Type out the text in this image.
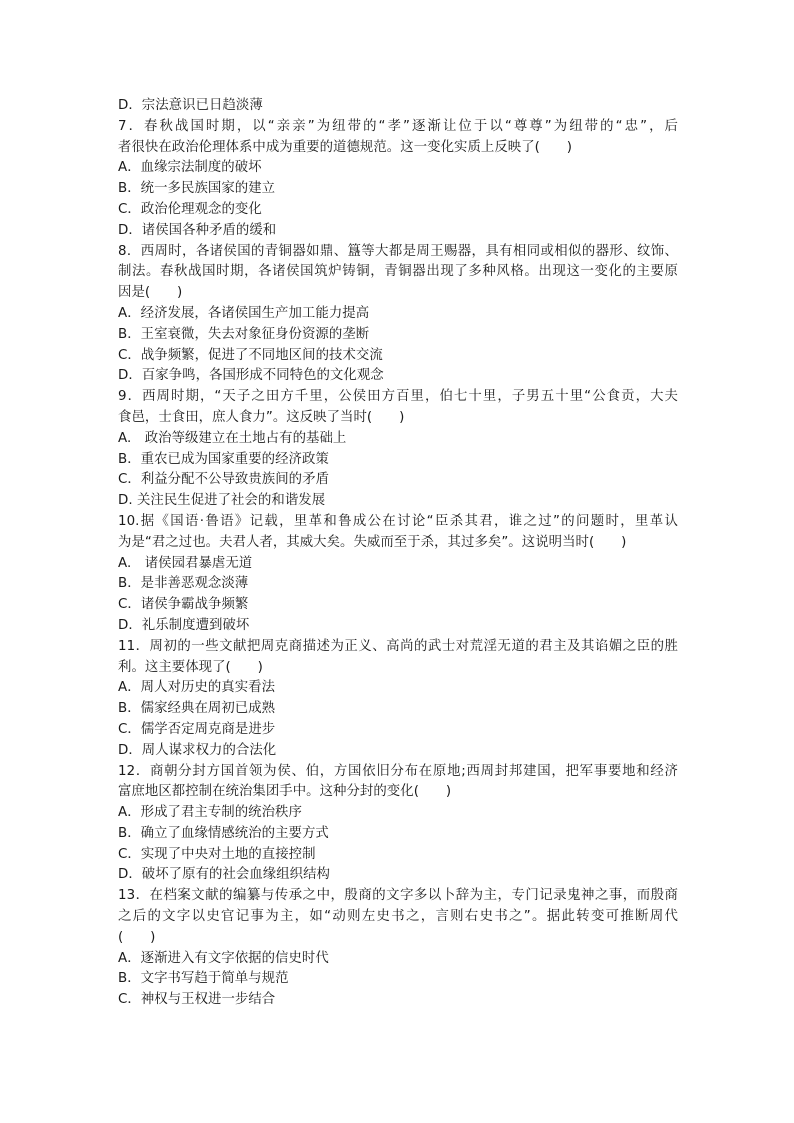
D．宗法意识已日趋淡薄
7．春秋战国时期，以“亲亲”为纽带的“孝”逐渐让位于以“尊尊”为纽带的“忠”，后
者很快在政治伦理体系中成为重要的道德规范。这一变化实质上反映了(　　)
A．血缘宗法制度的破坏
B．统一多民族国家的建立
C．政治伦理观念的变化
D．诸侯国各种矛盾的缓和
8．西周时，各诸侯国的青铜器如鼎、簋等大都是周王赐器，具有相同或相似的器形、纹饰、
制法。春秋战国时期，各诸侯国筑炉铸铜，青铜器出现了多种风格。出现这一变化的主要原
因是(　　)
A．经济发展，各诸侯国生产加工能力提高
B．王室衰微，失去对象征身份资源的垄断
C．战争频繁，促进了不同地区间的技术交流
D．百家争鸣，各国形成不同特色的文化观念
9．西周时期，“天子之田方千里，公侯田方百里，伯七十里，子男五十里“公食贡，大夫
食邑，士食田，庶人食力”。这反映了当时(　　)
A.　政治等级建立在土地占有的基础上
B．重农已成为国家重要的经济政策
C．利益分配不公导致贵族间的矛盾
D. 关注民生促进了社会的和谐发展
10.据《国语·鲁语》记载，里革和鲁成公在讨论“臣杀其君，谁之过”的问题时，里革认
为是“君之过也。夫君人者，其威大矣。失威而至于杀，其过多矣”。这说明当时(　　)
A.　诸侯园君暴虐无道
B．是非善恶观念淡薄
C．诸侯争霸战争频繁
D．礼乐制度遭到破坏
11．周初的一些文献把周克商描述为正义、高尚的武士对荒淫无道的君主及其谄媚之臣的胜
利。这主要体现了(　　)
A．周人对历史的真实看法
B．儒家经典在周初已成熟
C．儒学否定周克商是进步
D．周人谋求权力的合法化
12．商朝分封方国首领为侯、伯，方国依旧分布在原地;西周封邦建国，把军事要地和经济
富庶地区都控制在统治集团手中。这种分封的变化(　　)
A．形成了君主专制的统治秩序
B．确立了血缘情感统治的主要方式
C．实现了中央对土地的直接控制
D．破坏了原有的社会血缘组织结构
13．在档案文献的编纂与传承之中，殷商的文字多以卜辞为主，专门记录鬼神之事，而殷商
之后的文字以史官记事为主，如“动则左史书之，言则右史书之”。据此转变可推断周代
(　　)
A．逐渐进入有文字依据的信史时代
B．文字书写趋于简单与规范
C．神权与王权进一步结合
